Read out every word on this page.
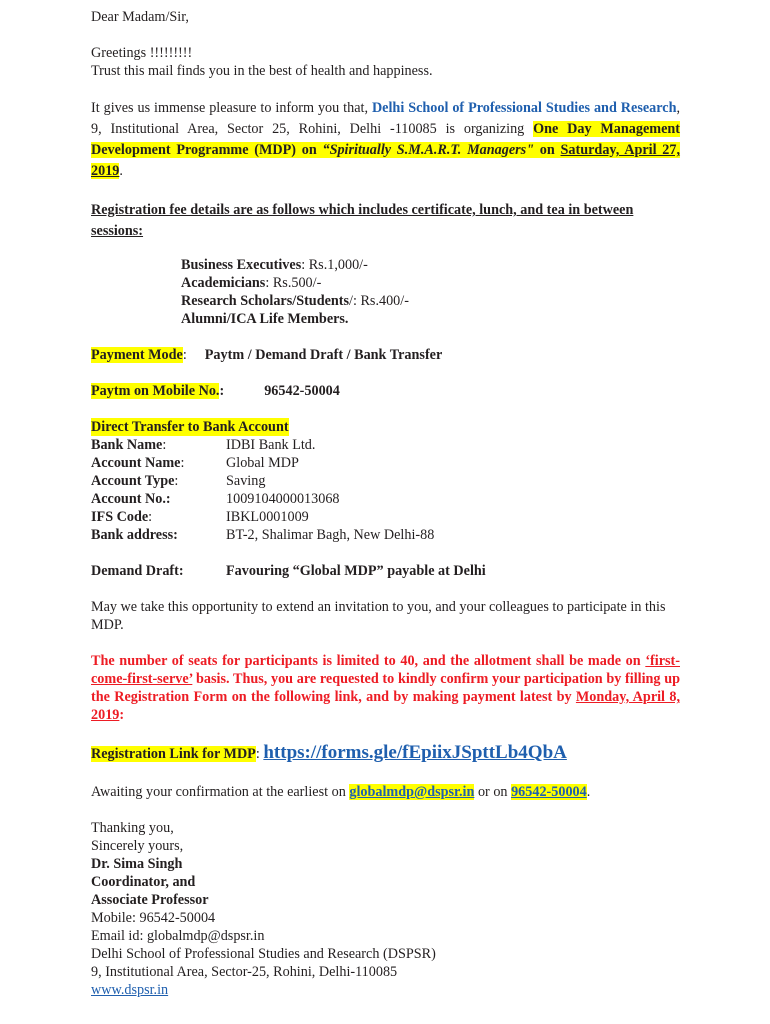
Dear Madam/Sir,

Greetings !!!!!!!!!

Trust this mail finds you in the best of health and happiness.

It gives us immense pleasure to inform you that, Delhi School of Professional Studies and Research, 9, Institutional Area, Sector 25, Rohini, Delhi -110085 is organizing One Day Management Development Programme (MDP) on “Spiritually S.M.A.R.T. Managers" on Saturday, April 27, 2019.

Registration fee details are as follows which includes certificate, lunch, and tea in between sessions:

Business Executives: Rs.1,000/-

Academicians: Rs.500/-

Research Scholars/Students/: Rs.400/-

Alumni/ICA Life Members.

Payment Mode: Paytm / Demand Draft / Bank Transfer

Paytm on Mobile No.:	96542-50004

Direct Transfer to Bank Account

Bank Name:	IDBI Bank Ltd.
Account Name:	Global MDP
Account Type:	Saving
Account No.:	1009104000013068
IFS Code:	IBKL0001009
Bank address:	BT-2, Shalimar Bagh, New Delhi-88
Demand Draft:	Favouring “Global MDP” payable at Delhi

May we take this opportunity to extend an invitation to you, and your colleagues to participate in this MDP.

The number of seats for participants is limited to 40, and the allotment shall be made on ‘first-come-first-serve’ basis. Thus, you are requested to kindly confirm your participation by filling up the Registration Form on the following link, and by making payment latest by Monday, April 8, 2019:

Registration Link for MDP: https://forms.gle/fEpiixJSpttLb4QbA

Awaiting your confirmation at the earliest on globalmdp@dspsr.in or on 96542-50004.

Thanking you,

Sincerely yours,

Dr. Sima Singh

Coordinator, and

Associate Professor

Mobile: 96542-50004

Email id: globalmdp@dspsr.in

Delhi School of Professional Studies and Research (DSPSR)

9, Institutional Area, Sector-25, Rohini, Delhi-110085

www.dspsr.in
